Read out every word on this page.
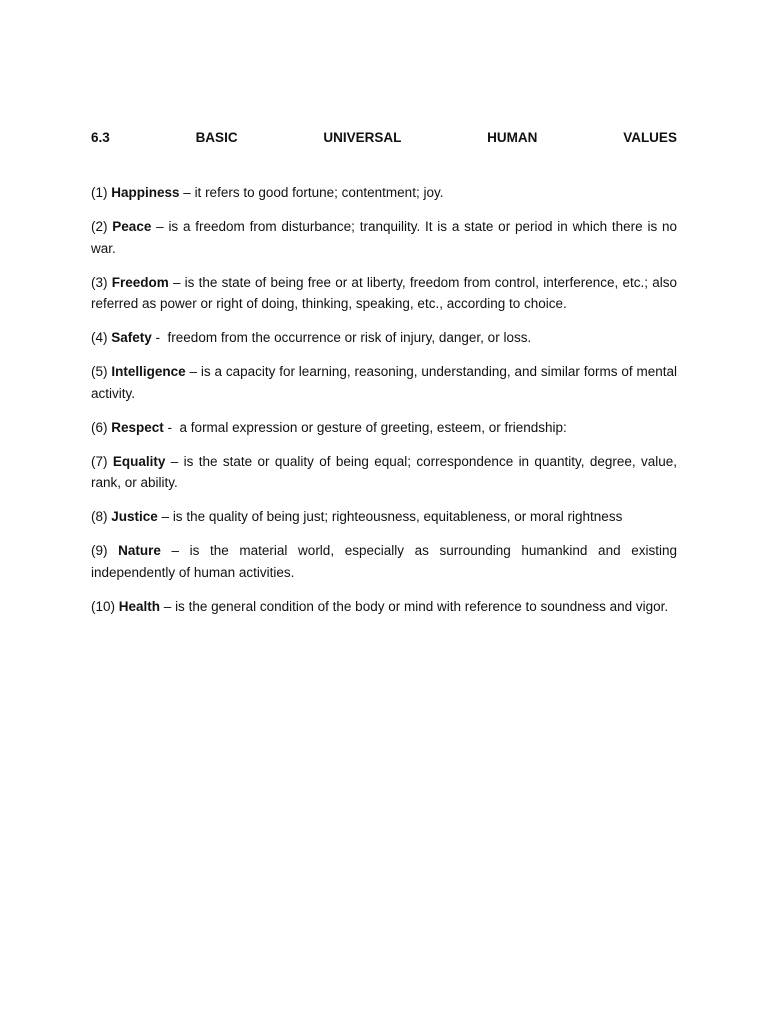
6.3	BASIC	UNIVERSAL	HUMAN	VALUES

(1) Happiness – it refers to good fortune; contentment; joy.

(2) Peace – is a freedom from disturbance; tranquility. It is a state or period in which there is no war.

(3) Freedom – is the state of being free or at liberty, freedom from control, interference, etc.; also referred as power or right of doing, thinking, speaking, etc., according to choice.

(4) Safety -  freedom from the occurrence or risk of injury, danger, or loss.

(5) Intelligence – is a capacity for learning, reasoning, understanding, and similar forms of mental activity.

(6) Respect -  a formal expression or gesture of greeting, esteem, or friendship:

(7) Equality – is the state or quality of being equal; correspondence in quantity, degree, value, rank, or ability.

(8) Justice – is the quality of being just; righteousness, equitableness, or moral rightness

(9) Nature – is the material world, especially as surrounding humankind and existing independently of human activities.

(10) Health – is the general condition of the body or mind with reference to soundness and vigor.
